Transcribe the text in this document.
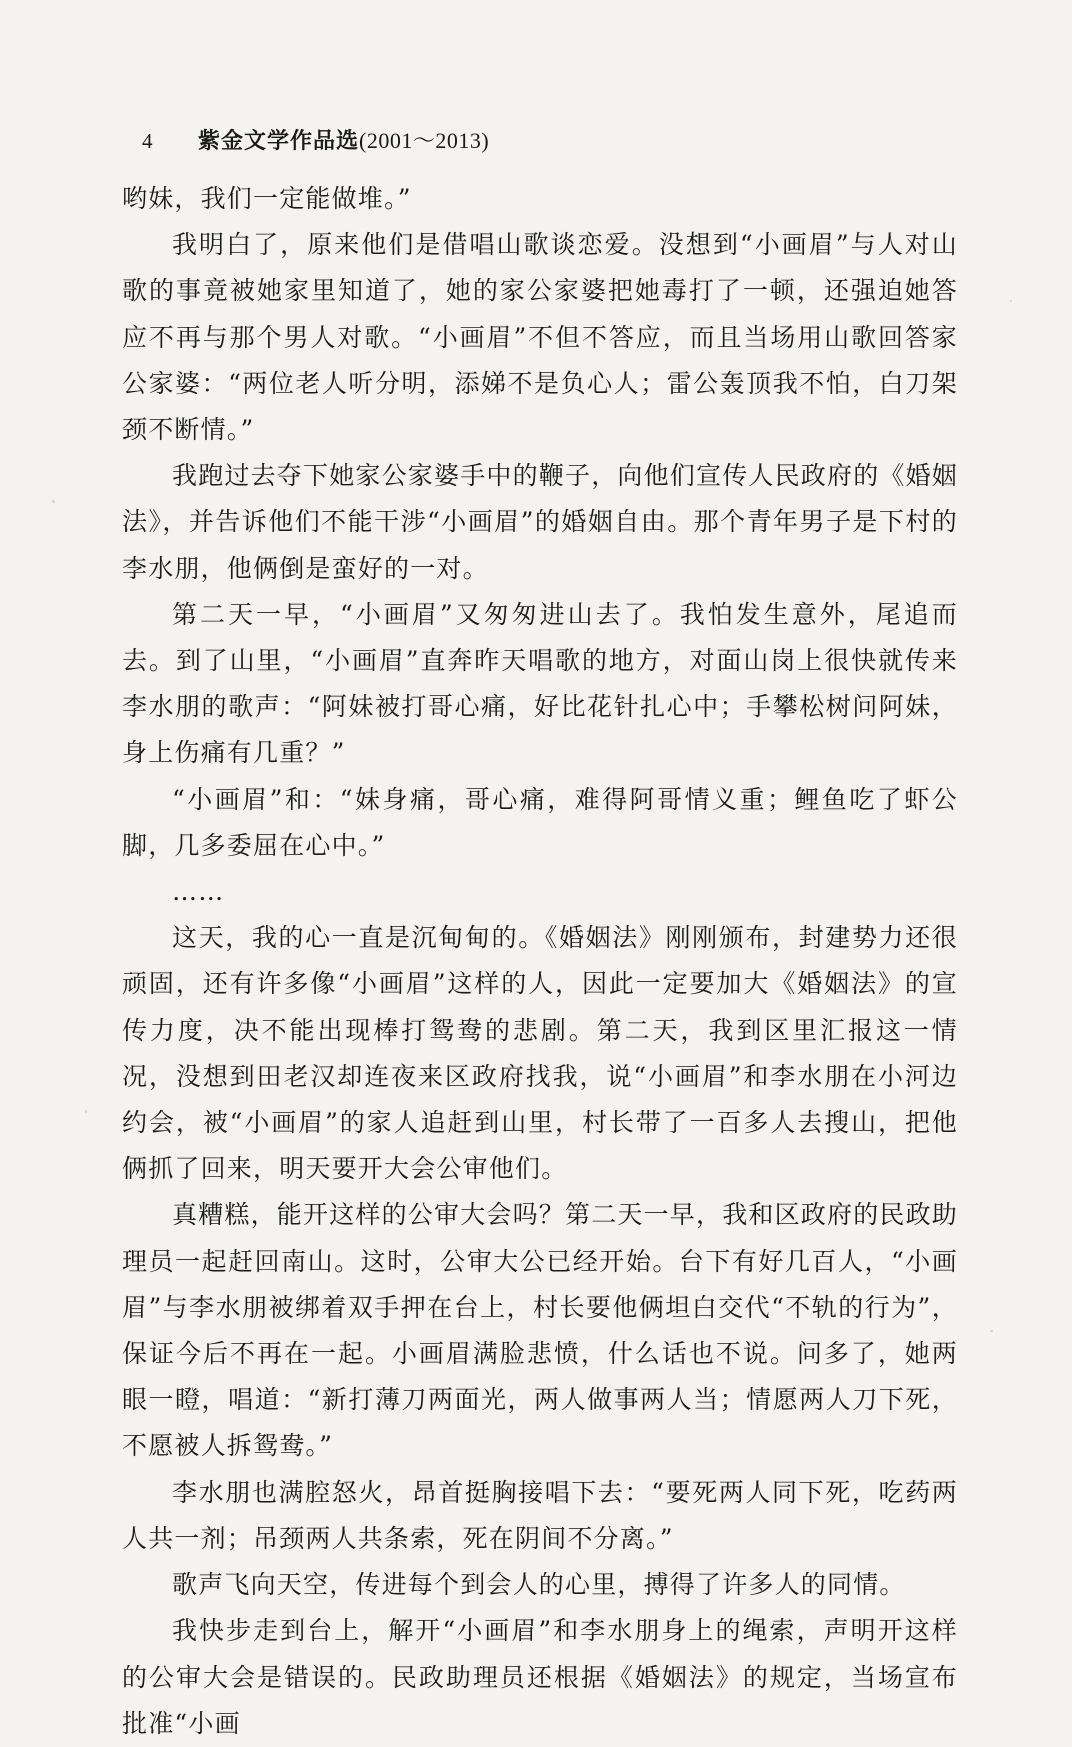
4	紫金文学作品选 (2001～2013)

哟妹，我们一定能做堆。”

我明白了，原来他们是借唱山歌谈恋爱。没想到“小画眉”与人对山歌的事竟被她家里知道了，她的家公家婆把她毒打了一顿，还强迫她答应不再与那个男人对歌。“小画眉”不但不答应，而且当场用山歌回答家公家婆：“两位老人听分明，添娣不是负心人；雷公轰顶我不怕，白刀架颈不断情。”

我跑过去夺下她家公家婆手中的鞭子，向他们宣传人民政府的《婚姻法》，并告诉他们不能干涉“小画眉”的婚姻自由。那个青年男子是下村的李水朋，他俩倒是蛮好的一对。

第二天一早，“小画眉”又匆匆进山去了。我怕发生意外，尾追而去。到了山里，“小画眉”直奔昨天唱歌的地方，对面山岗上很快就传来李水朋的歌声：“阿妹被打哥心痛，好比花针扎心中；手攀松树问阿妹，身上伤痛有几重？”

“小画眉”和：“妹身痛，哥心痛，难得阿哥情义重；鲤鱼吃了虾公脚，几多委屈在心中。”

……

这天，我的心一直是沉甸甸的。《婚姻法》刚刚颁布，封建势力还很顽固，还有许多像“小画眉”这样的人，因此一定要加大《婚姻法》的宣传力度，决不能出现棒打鸳鸯的悲剧。第二天，我到区里汇报这一情况，没想到田老汉却连夜来区政府找我，说“小画眉”和李水朋在小河边约会，被“小画眉”的家人追赶到山里，村长带了一百多人去搜山，把他俩抓了回来，明天要开大会公审他们。

真糟糕，能开这样的公审大会吗？第二天一早，我和区政府的民政助理员一起赶回南山。这时，公审大公已经开始。台下有好几百人，“小画眉”与李水朋被绑着双手押在台上，村长要他俩坦白交代“不轨的行为”，保证今后不再在一起。小画眉满脸悲愤，什么话也不说。问多了，她两眼一瞪，唱道：“新打薄刀两面光，两人做事两人当；情愿两人刀下死，不愿被人拆鸳鸯。”

李水朋也满腔怒火，昂首挺胸接唱下去：“要死两人同下死，吃药两人共一剂；吊颈两人共条索，死在阴间不分离。”

歌声飞向天空，传进每个到会人的心里，搏得了许多人的同情。

我快步走到台上，解开“小画眉”和李水朋身上的绳索，声明开这样的公审大会是错误的。民政助理员还根据《婚姻法》的规定，当场宣布批准“小画
